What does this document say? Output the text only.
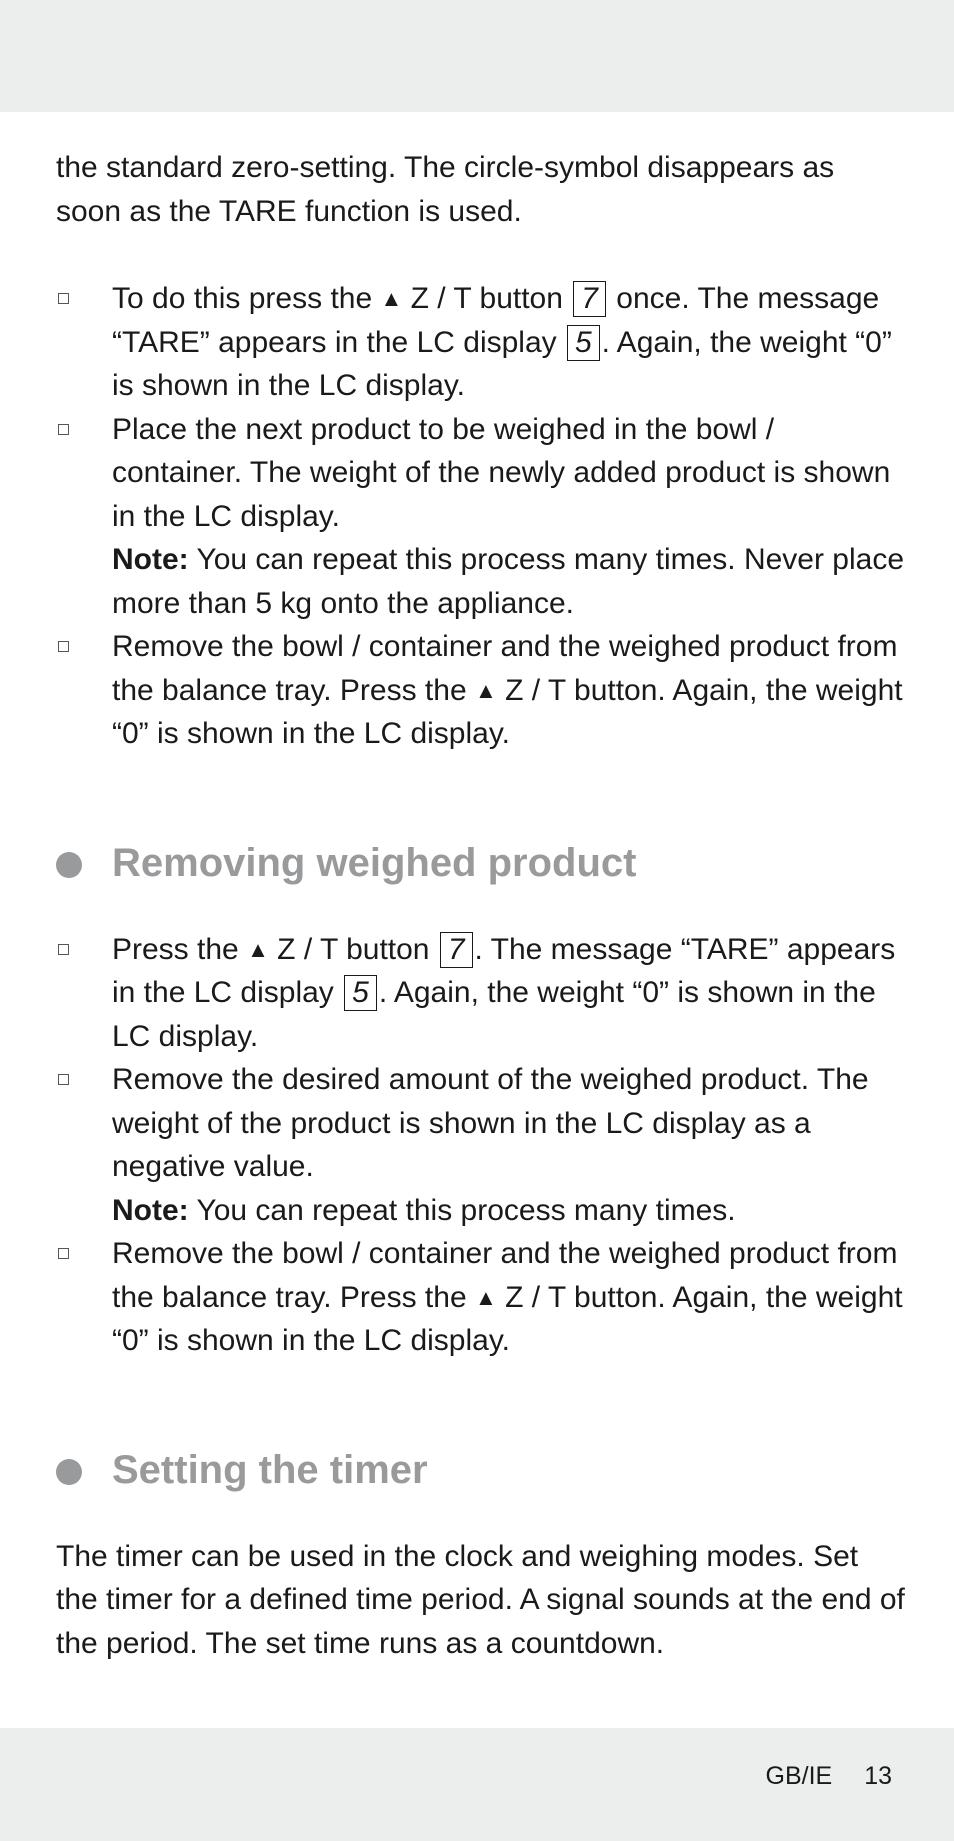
the standard zero-setting. The circle-symbol disappears as soon as the TARE function is used.

To do this press the ▲ Z / T button 7 once. The message “TARE” appears in the LC display 5 . Again, the weight “0” is shown in the LC display.
Place the next product to be weighed in the bowl / container. The weight of the newly added product is shown in the LC display.
Note: You can repeat this process many times. Never place more than 5 kg onto the appliance.
Remove the bowl / container and the weighed product from the balance tray. Press the ▲ Z / T button. Again, the weight “0” is shown in the LC display.
Removing weighed product
Press the ▲ Z / T button 7 . The message “TARE” appears in the LC display 5 . Again, the weight “0” is shown in the LC display.
Remove the desired amount of the weighed product. The weight of the product is shown in the LC display as a negative value.
Note: You can repeat this process many times.
Remove the bowl / container and the weighed product from the balance tray. Press the ▲ Z / T button. Again, the weight “0” is shown in the LC display.
Setting the timer

The timer can be used in the clock and weighing modes. Set the timer for a defined time period. A signal sounds at the end of the period. The set time runs as a countdown.

GB/IE 13
